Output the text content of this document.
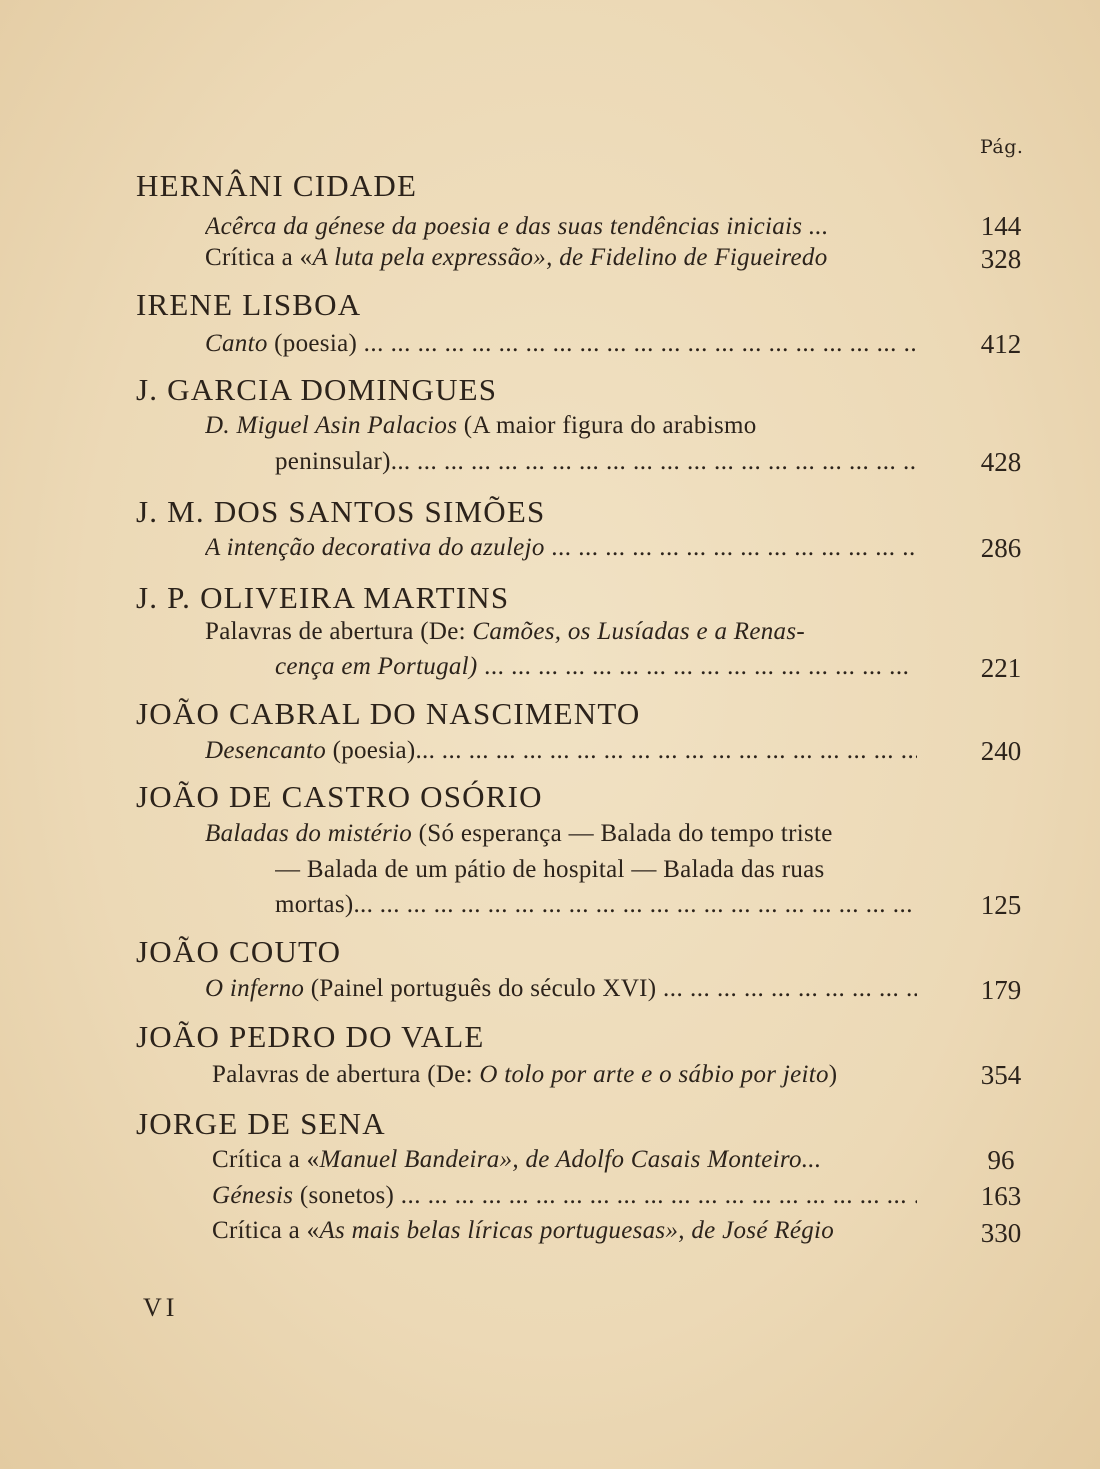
Pág.
HERNÂNI CIDADE
Acêrca da génese da poesia e das suas tendências iniciais ...	144
Crítica a «A luta pela expressão», de Fidelino de Figueiredo	328
IRENE LISBOA
Canto (poesia) ... .	412
J. GARCIA DOMINGUES
D. Miguel Asin Palacios (A maior figura do arabismo
peninsular)... ... .	428
J. M. DOS SANTOS SIMÕES
A intenção decorativa do azulejo ... .	286
J. P. OLIVEIRA MARTINS
Palavras de abertura (De: Camões, os Lusíadas e a Renas-
cença em Portugal) ... .	221
JOÃO CABRAL DO NASCIMENTO
Desencanto (poesia)... ... .	240
JOÃO DE CASTRO OSÓRIO
Baladas do mistério (Só esperança — Balada do tempo triste
— Balada de um pátio de hospital — Balada das ruas
mortas)... ... .	125
JOÃO COUTO
O inferno (Painel português do século XVI) ... .	179
JOÃO PEDRO DO VALE
Palavras de abertura (De: O tolo por arte e o sábio por jeito)	354
JORGE DE SENA
Crítica a «Manuel Bandeira», de Adolfo Casais Monteiro...	96
Génesis (sonetos) ... .	163
Crítica a «As mais belas líricas portuguesas», de José Régio	330
VI
